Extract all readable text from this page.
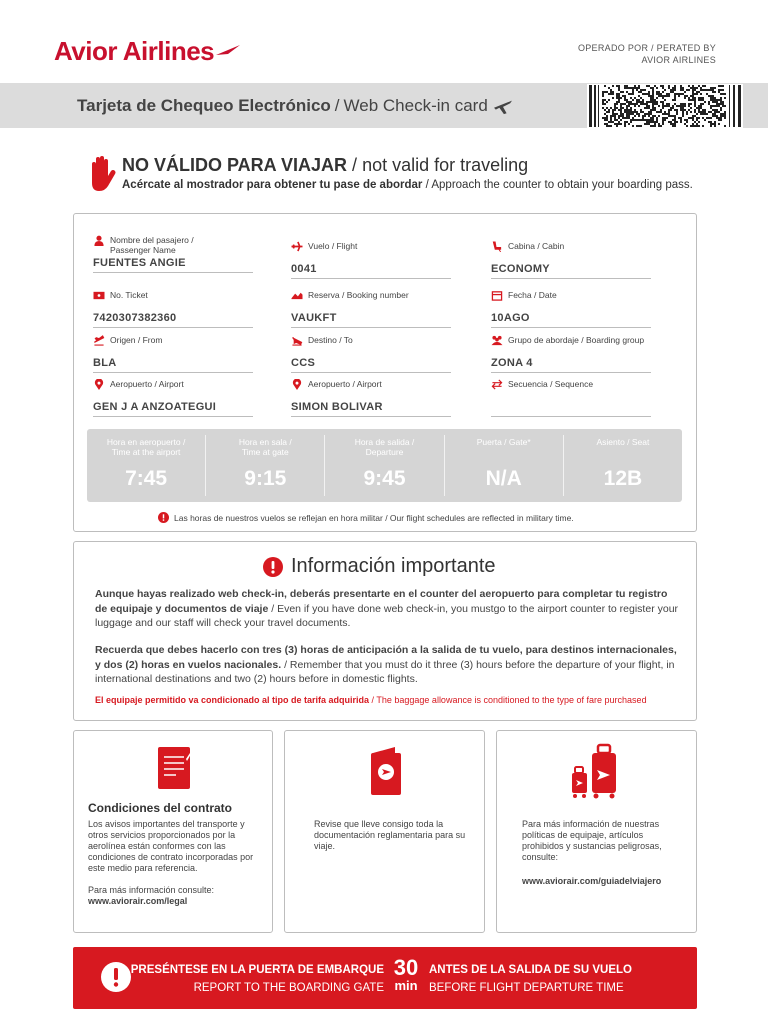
Avior Airlines	OPERADO POR / PERATED BY
AVIOR AIRLINES
Tarjeta de Chequeo Electrónico / Web Check-in card
NO VÁLIDO PARA VIAJAR / not valid for traveling
Acércate al mostrador para obtener tu pase de abordar / Approach the counter to obtain your boarding pass.
Nombre del pasajero /
Passenger Name
FUENTES ANGIE
Vuelo
/ Flight
0041
Cabina
/ Cabin
ECONOMY
No. Ticket
7420307382360
Reserva
/ Booking number
VAUKFT
Fecha
/ Date
10AGO
Origen
/ From
BLA
Destino
/ To
CCS
Grupo de abordaje
/ Boarding group
ZONA 4
Aeropuerto
/ Airport
GEN J A ANZOATEGUI
Aeropuerto
/ Airport
SIMON BOLIVAR
Secuencia
/ Sequence
Hora en aeropuerto /
Time at the airport
7:45
Hora en sala /
Time at gate
9:15
Hora de salida /
Departure
9:45
Puerta / Gate*

N/A
Asiento / Seat

12B
Las horas de nuestros vuelos se reflejan en hora militar / Our flight schedules are reflected in military time.
Información importante
Aunque hayas realizado web check-in, deberás presentarte en el counter del aeropuerto para completar tu registro de equipaje y documentos de viaje / Even if you have done web check-in, you mustgo to the airport counter to register your luggage and our staff will check your travel documents.
Recuerda que debes hacerlo con tres (3) horas de anticipación a la salida de tu vuelo, para destinos internacionales, y dos (2) horas en vuelos nacionales. / Remember that you must do it three (3) hours before the departure of your flight, in international destinations and two (2) hours before in domestic flights.
El equipaje permitido va condicionado al tipo de tarifa adquirida / The baggage allowance is conditioned to the type of fare purchased
Condiciones del contrato
Los avisos importantes del transporte y otros servicios proporcionados por la aerolínea están conformes con las condiciones de contrato incorporadas por este medio para referencia.
Para más información consulte:
www.aviorair.com/legal
Revise que lleve consigo toda la documentación reglamentaria para su viaje.
Para más información de nuestras políticas de equipaje, artículos prohibidos y sustancias peligrosas, consulte:
www.aviorair.com/guiadelviajero
PRESÉNTESE EN LA PUERTA DE EMBARQUE
REPORT TO THE BOARDING GATE
30
min
ANTES DE LA SALIDA DE SU VUELO
BEFORE FLIGHT DEPARTURE TIME
